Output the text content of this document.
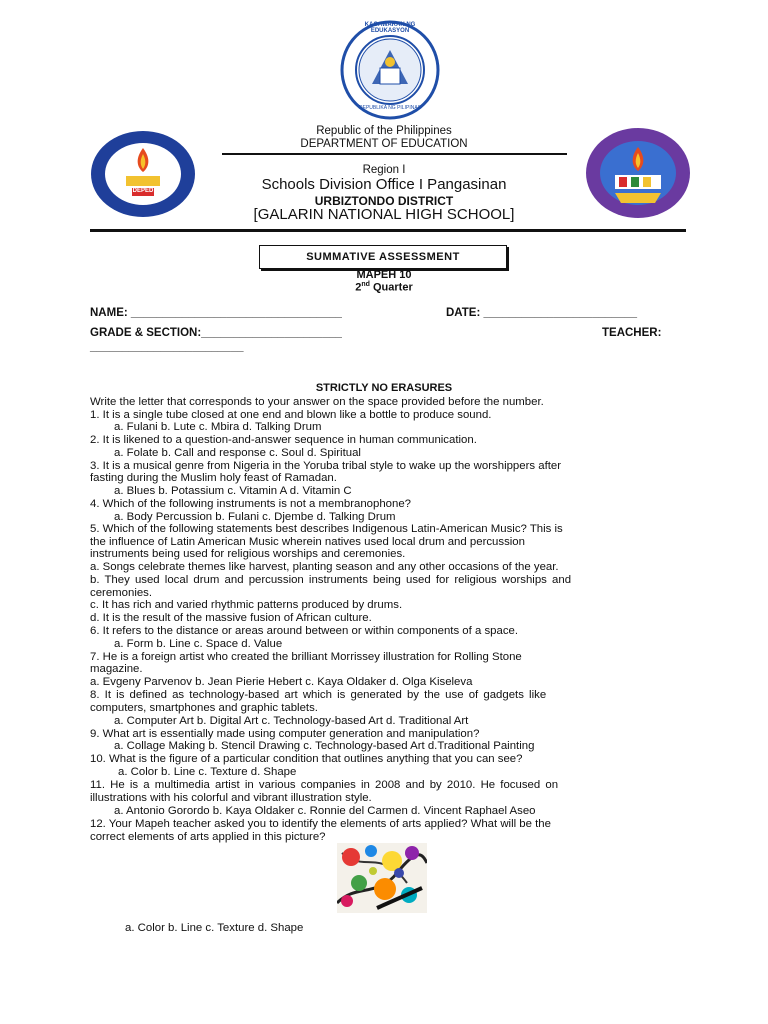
KAGAWARAN NG EDUKASYON
REPUBLIKA NG PILIPINAS
DEPED
Republic of the Philippines
DEPARTMENT OF EDUCATION
Region I
Schools Division Office I Pangasinan
URBIZTONDO DISTRICT
[GALARIN NATIONAL HIGH SCHOOL]
SUMMATIVE ASSESSMENT
MAPEH 10
2nd Quarter
NAME: _________________________________	DATE: ________________________
GRADE & SECTION:______________________	TEACHER:
________________________
STRICTLY NO ERASURES
Write the letter that corresponds to your answer on the space provided before the number.
1. It is a single tube closed at one end and blown like a bottle to produce sound.
a. Fulani b. Lute c. Mbira d. Talking Drum
2. It is likened to a question-and-answer sequence in human communication.
a. Folate b. Call and response c. Soul d. Spiritual
3. It is a musical genre from Nigeria in the Yoruba tribal style to wake up the worshippers after
fasting during the Muslim holy feast of Ramadan.
a. Blues b. Potassium c. Vitamin A d. Vitamin C
4. Which of the following instruments is not a membranophone?
a. Body Percussion b. Fulani c. Djembe d. Talking Drum
5. Which of the following statements best describes Indigenous Latin-American Music? This is
the influence of Latin American Music wherein natives used local drum and percussion
instruments being used for religious worships and ceremonies.
a. Songs celebrate themes like harvest, planting season and any other occasions of the year.
b. They used local drum and percussion instruments being used for religious worships and
ceremonies.
c. It has rich and varied rhythmic patterns produced by drums.
d. It is the result of the massive fusion of African culture.
6. It refers to the distance or areas around between or within components of a space.
a. Form b. Line c. Space d. Value
7. He is a foreign artist who created the brilliant Morrissey illustration for Rolling Stone
magazine.
a. Evgeny Parvenov b. Jean Pierie Hebert c. Kaya Oldaker d. Olga Kiseleva
8. It is defined as technology-based art which is generated by the use of gadgets like
computers, smartphones and graphic tablets.
a. Computer Art b. Digital Art c. Technology-based Art d. Traditional Art
9. What art is essentially made using computer generation and manipulation?
a. Collage Making b. Stencil Drawing c. Technology-based Art d.Traditional Painting
10. What is the figure of a particular condition that outlines anything that you can see?
a. Color b. Line c. Texture d. Shape
11. He is a multimedia artist in various companies in 2008 and by 2010. He focused on
illustrations with his colorful and vibrant illustration style.
a. Antonio Gorordo b. Kaya Oldaker c. Ronnie del Carmen d. Vincent Raphael Aseo
12. Your Mapeh teacher asked you to identify the elements of arts applied? What will be the
correct elements of arts applied in this picture?
a. Color b. Line c. Texture d. Shape
